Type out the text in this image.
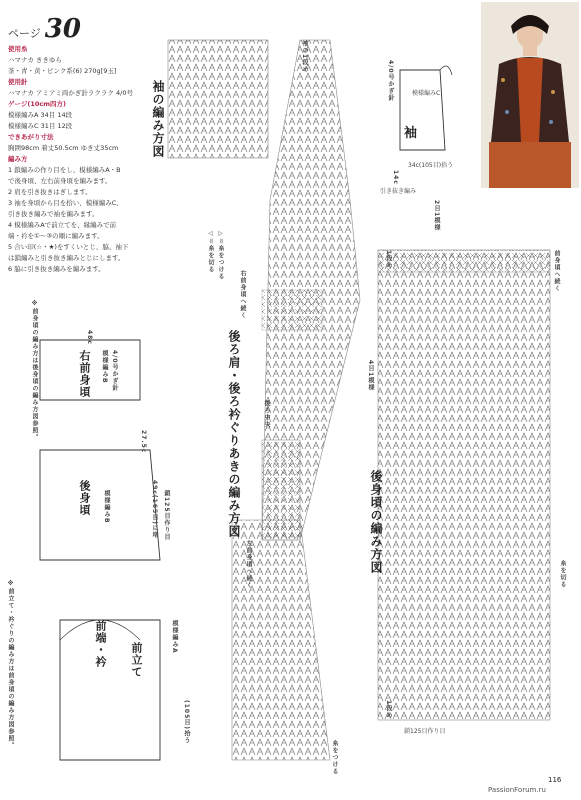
ページ 30
使用糸
ハマナカ ききゆら
茶・青・黄・ピンク系(6) 270g[9玉]
使用針
ハマナカ アミアミ両かぎ針ラクラク 4/0号
ゲージ(10cm四方)
模様編みA 34目 14段
模様編みC 31目 12段
できあがり寸法
胸囲98cm 着丈50.5cm ゆき丈35cm
編み方
1 鎖編みの作り目をし、模様編みA・B
で後身頃、左右前身頃を編みます。
2 肩を引き抜きはぎします。
3 袖を身頃から目を拾い、模様編みC、
引き抜き編みで袖を編みます。
4 模様編みAで前立てを、縁編みで前
端・衿を①～③の順に編みます。
5 合い印(☆・★)をすくいとじ、脇、袖下
は鎖編みと引き抜き編みとじにします。
6 脇に引き抜き編みを編みます。
袖の編み方図	袖
後ろ肩・後ろ衿ぐりあきの編み方図	後身頃の編み方図
右前身頃
後身頃
前立て
前端・衿
模様編みB 4/0号かぎ針
模様編みB	49c(165目)に増 鎖125目作り目
模様編みA
48c
27.5c
模様編みC
4/0号かぎ針
34c(105目)拾う
14c
引き抜き編み
◁＝糸を切る ▷＝糸をつける
右前身頃へ続く
左前身頃へ続く
後ろ中央
袖の1段め
2目1模様
1段め
1段め
鎖125目作り目
前身頃へ続く
糸を切る
糸をつける
4目1模様
(105目)拾う
※前立て・衿ぐりの編み方は前身頃の編み方図参照。
※前身頃の編み方は後身頃の編み方図参照。
116
PassionForum.ru
